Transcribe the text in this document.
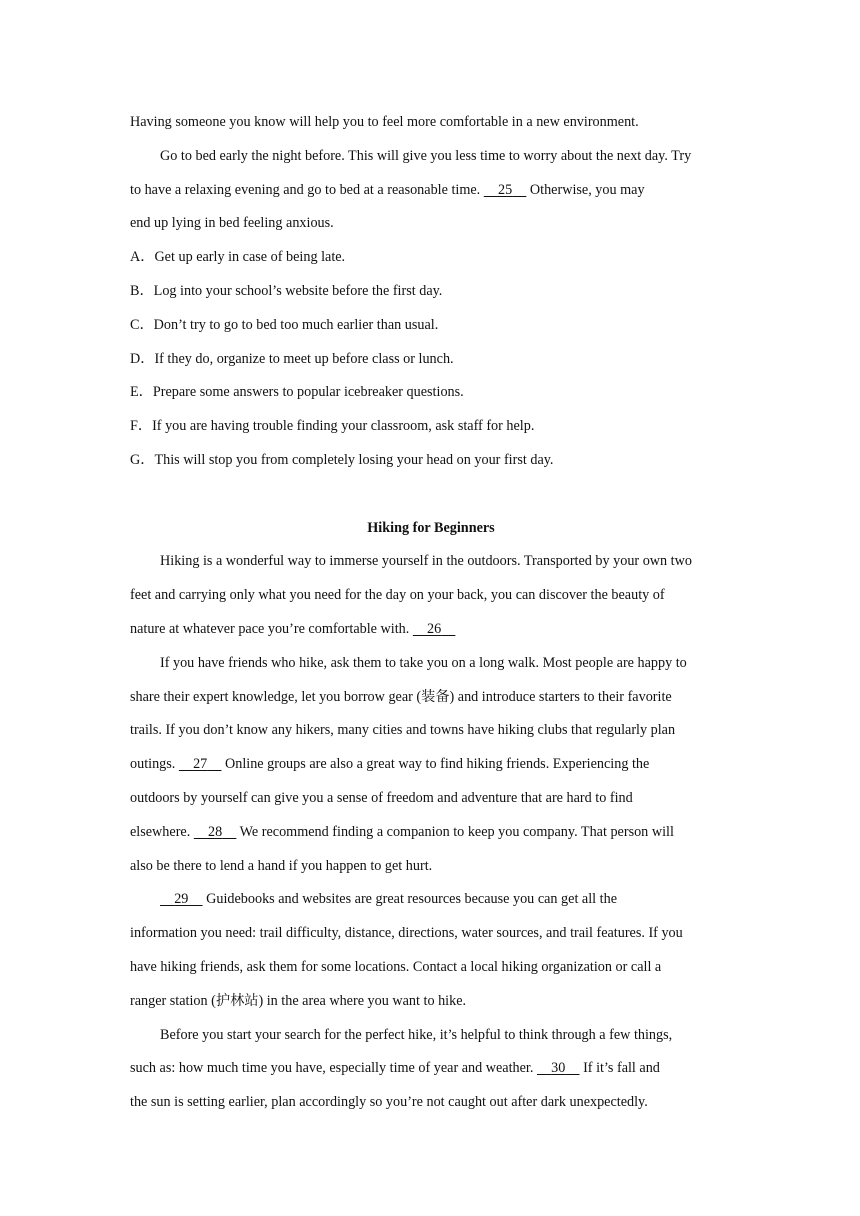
Having someone you know will help you to feel more comfortable in a new environment.
Go to bed early the night before. This will give you less time to worry about the next day. Try
to have a relaxing evening and go to bed at a reasonable time. 25 Otherwise, you may
end up lying in bed feeling anxious.
A．Get up early in case of being late.
B．Log into your school’s website before the first day.
C．Don’t try to go to bed too much earlier than usual.
D．If they do, organize to meet up before class or lunch.
E．Prepare some answers to popular icebreaker questions.
F．If you are having trouble finding your classroom, ask staff for help.
G．This will stop you from completely losing your head on your first day.
Hiking for Beginners
Hiking is a wonderful way to immerse yourself in the outdoors. Transported by your own two
feet and carrying only what you need for the day on your back, you can discover the beauty of
nature at whatever pace you’re comfortable with. 26
If you have friends who hike, ask them to take you on a long walk. Most people are happy to
share their expert knowledge, let you borrow gear (装备) and introduce starters to their favorite
trails. If you don’t know any hikers, many cities and towns have hiking clubs that regularly plan
outings. 27 Online groups are also a great way to find hiking friends. Experiencing the
outdoors by yourself can give you a sense of freedom and adventure that are hard to find
elsewhere. 28 We recommend finding a companion to keep you company. That person will
also be there to lend a hand if you happen to get hurt.
29 Guidebooks and websites are great resources because you can get all the
information you need: trail difficulty, distance, directions, water sources, and trail features. If you
have hiking friends, ask them for some locations. Contact a local hiking organization or call a
ranger station (护林站) in the area where you want to hike.
Before you start your search for the perfect hike, it’s helpful to think through a few things,
such as: how much time you have, especially time of year and weather. 30 If it’s fall and
the sun is setting earlier, plan accordingly so you’re not caught out after dark unexpectedly.
